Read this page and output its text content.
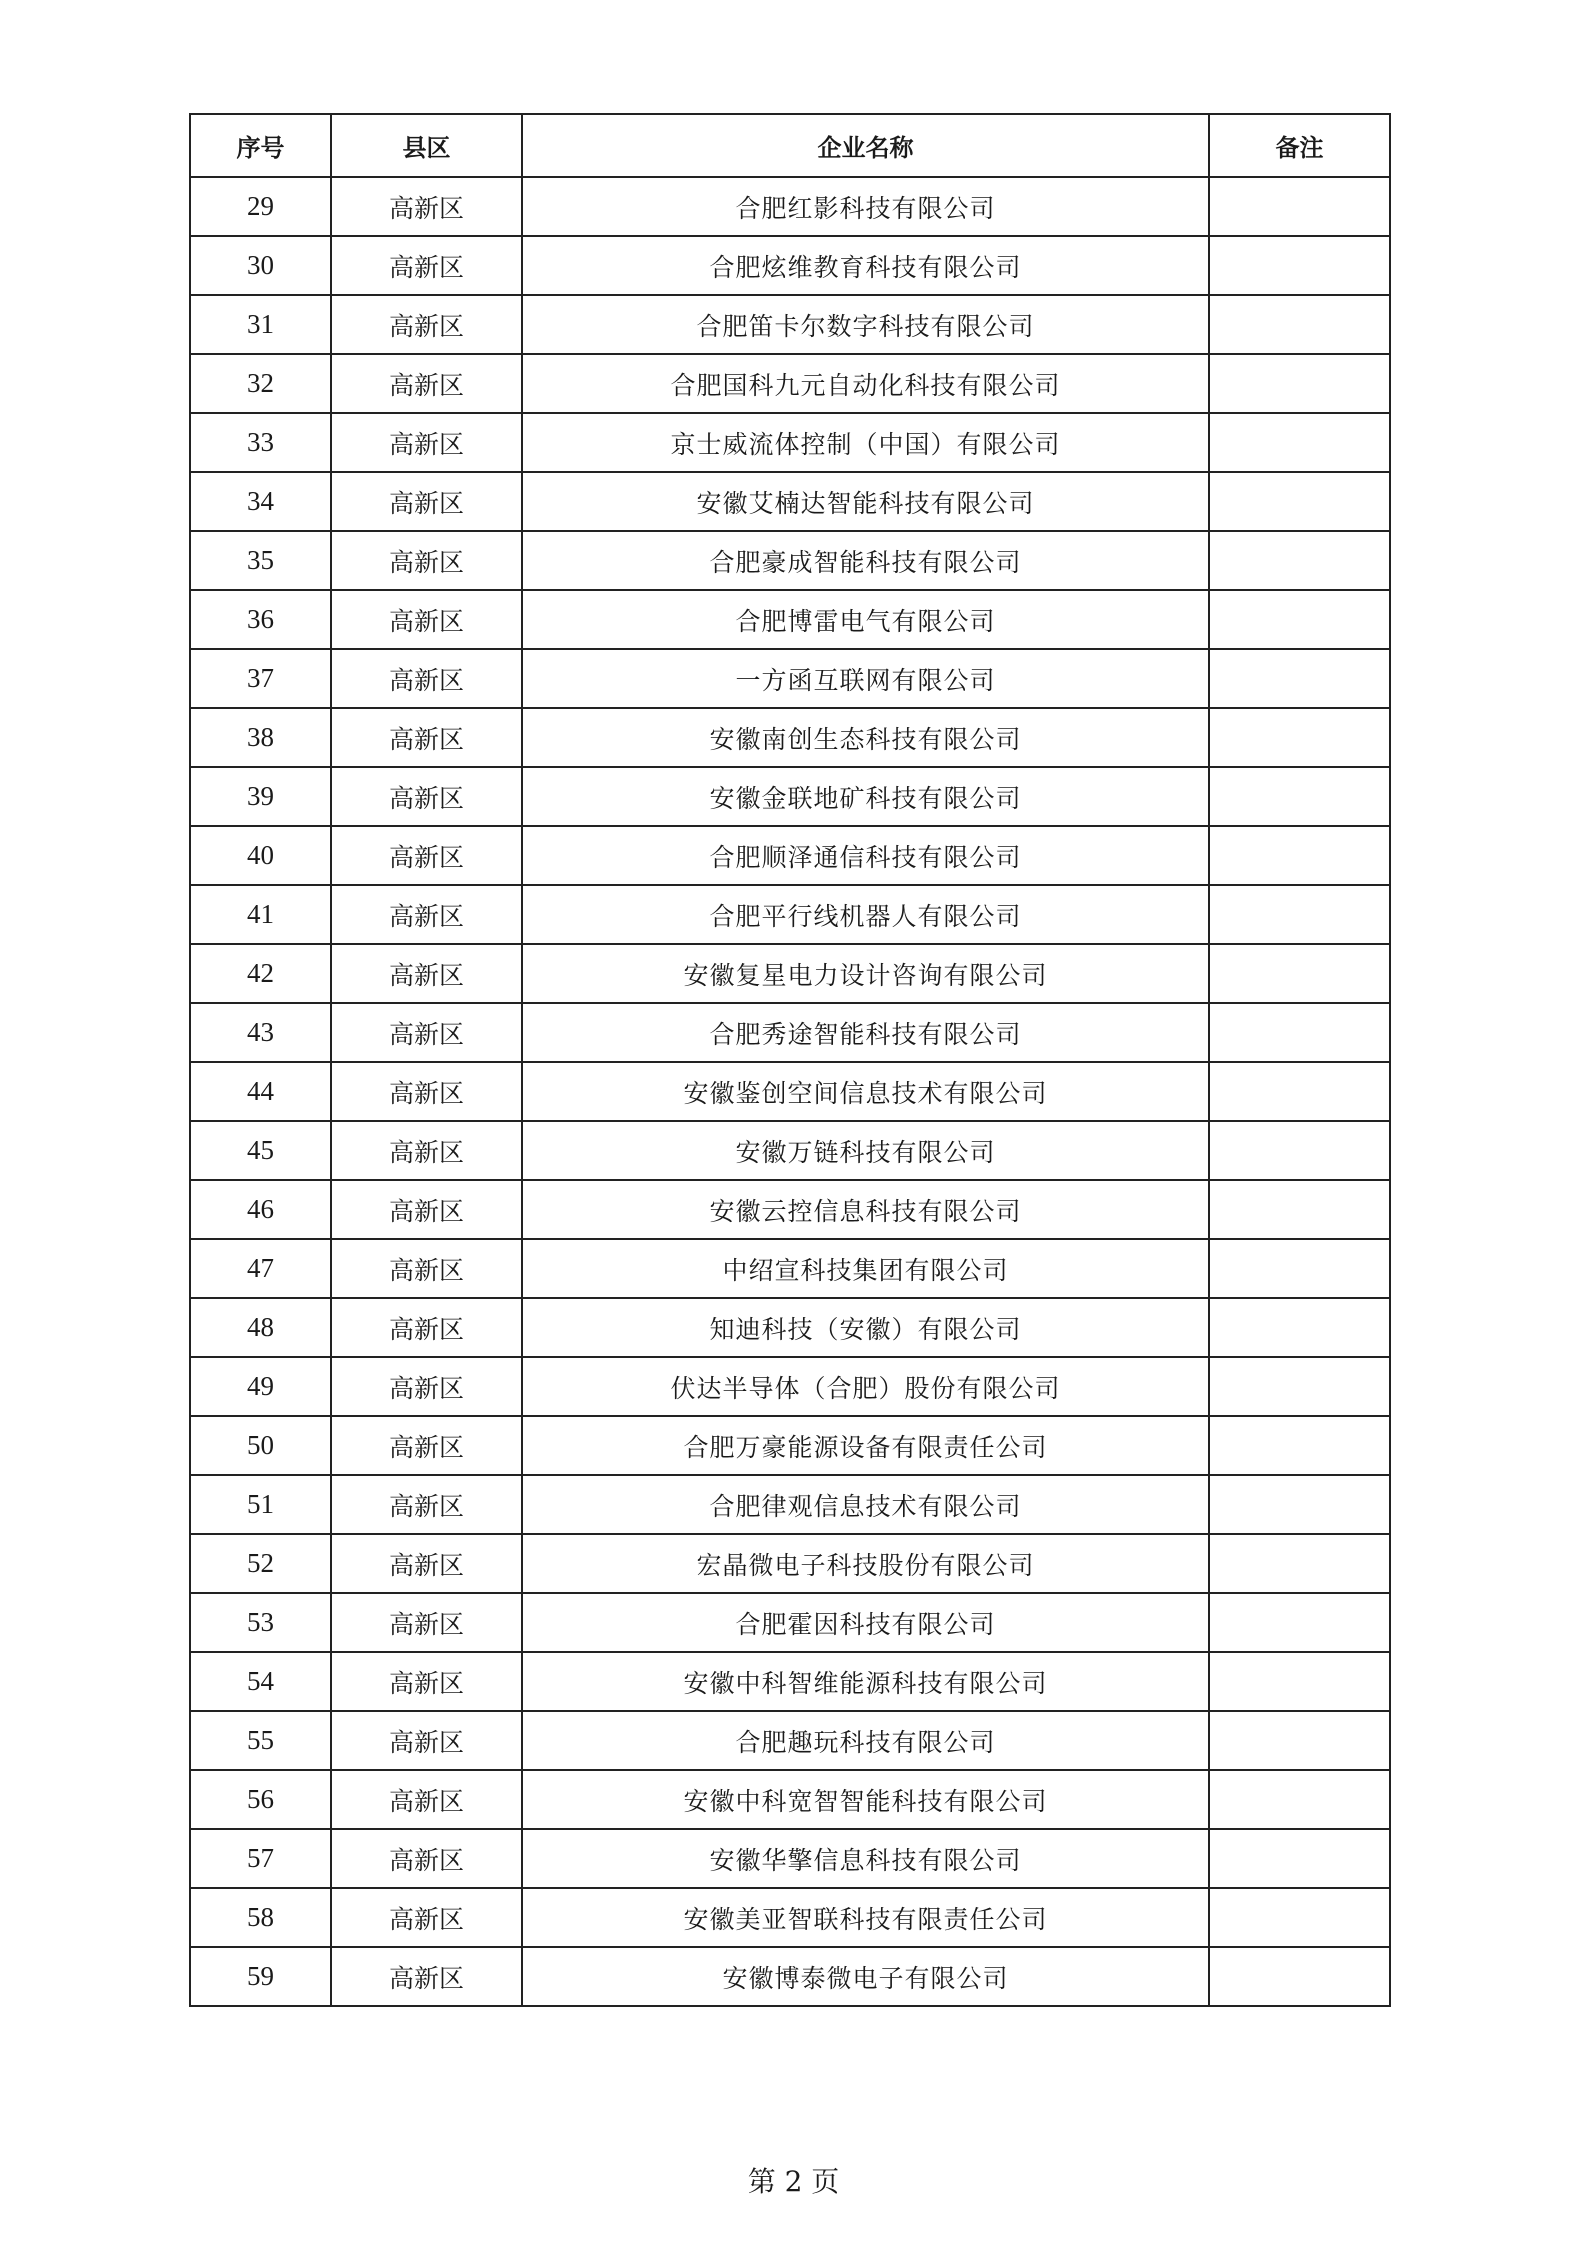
序号	县区	企业名称	备注
29	高新区	合肥红影科技有限公司	
30	高新区	合肥炫维教育科技有限公司	
31	高新区	合肥笛卡尔数字科技有限公司	
32	高新区	合肥国科九元自动化科技有限公司	
33	高新区	京士威流体控制（中国）有限公司	
34	高新区	安徽艾楠达智能科技有限公司	
35	高新区	合肥豪成智能科技有限公司	
36	高新区	合肥博雷电气有限公司	
37	高新区	一方函互联网有限公司	
38	高新区	安徽南创生态科技有限公司	
39	高新区	安徽金联地矿科技有限公司	
40	高新区	合肥顺泽通信科技有限公司	
41	高新区	合肥平行线机器人有限公司	
42	高新区	安徽复星电力设计咨询有限公司	
43	高新区	合肥秀途智能科技有限公司	
44	高新区	安徽鉴创空间信息技术有限公司	
45	高新区	安徽万链科技有限公司	
46	高新区	安徽云控信息科技有限公司	
47	高新区	中绍宣科技集团有限公司	
48	高新区	知迪科技（安徽）有限公司	
49	高新区	伏达半导体（合肥）股份有限公司	
50	高新区	合肥万豪能源设备有限责任公司	
51	高新区	合肥律观信息技术有限公司	
52	高新区	宏晶微电子科技股份有限公司	
53	高新区	合肥霍因科技有限公司	
54	高新区	安徽中科智维能源科技有限公司	
55	高新区	合肥趣玩科技有限公司	
56	高新区	安徽中科宽智智能科技有限公司	
57	高新区	安徽华擎信息科技有限公司	
58	高新区	安徽美亚智联科技有限责任公司	
59	高新区	安徽博泰微电子有限公司	
第 2 页
